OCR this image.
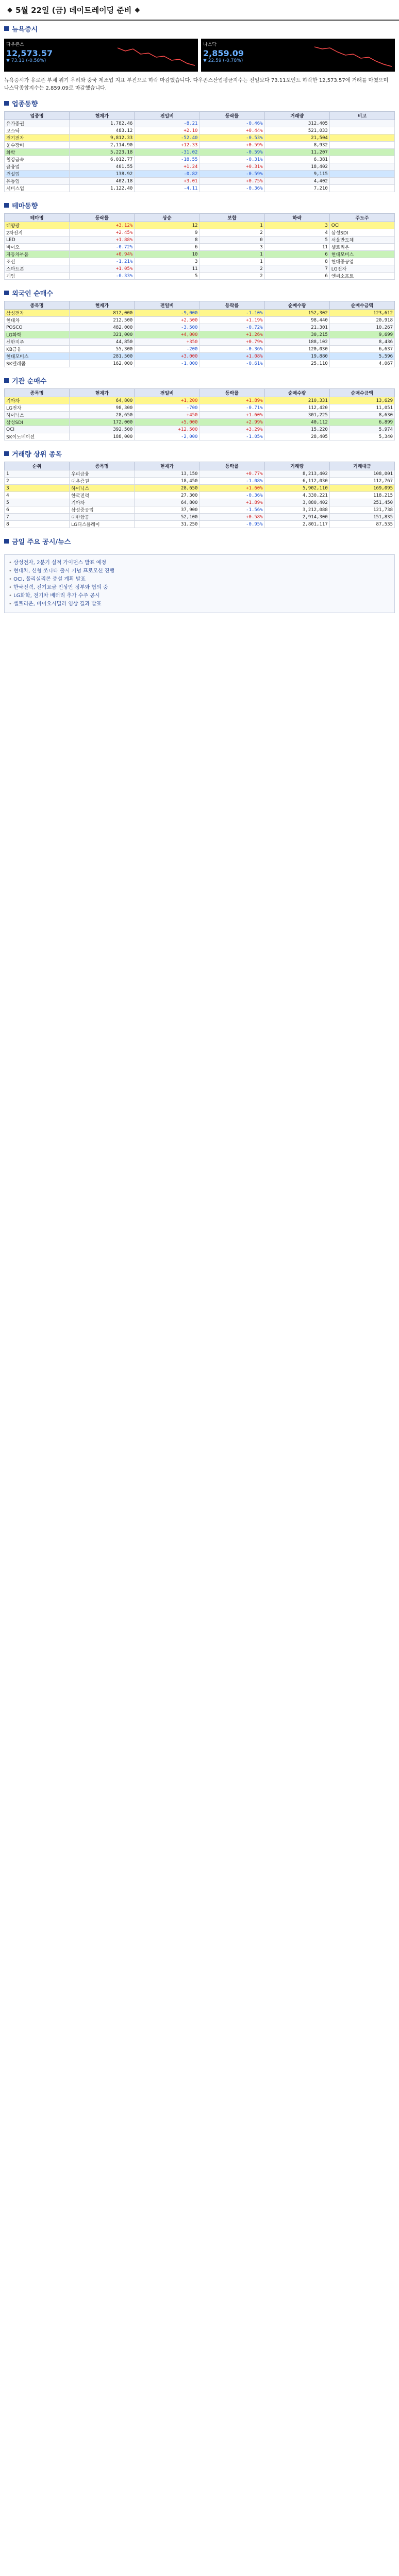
◆ 5월 22일 (금) 데이트레이딩 준비 ◆
뉴욕증시
다우존스
12,573.57
▼ 73.11 (-0.58%)
나스닥
2,859.09
▼ 22.59 (-0.78%)
뉴욕증시가 유로존 부채 위기 우려와 중국 제조업 지표 부진으로 하락 마감했습니다. 다우존스산업평균지수는 전일보다 73.11포인트 하락한 12,573.57에 거래를 마쳤으며 나스닥종합지수는 2,859.09로 마감했습니다.
업종동향
업종명	현재가	전일비	등락률	거래량	비고
유가증권	1,782.46	-8.21	-0.46%	312,405	
코스닥	483.12	+2.10	+0.44%	521,033	
전기전자	9,812.33	-52.40	-0.53%	21,504	
운수장비	2,114.90	+12.33	+0.59%	8,932	
화학	5,223.18	-31.02	-0.59%	11,207	
철강금속	6,012.77	-18.55	-0.31%	6,381	
금융업	401.55	+1.24	+0.31%	18,402	
건설업	138.92	-0.82	-0.59%	9,115	
유통업	402.18	+3.01	+0.75%	4,402	
서비스업	1,122.40	-4.11	-0.36%	7,210	
테마동향
테마명	등락률	상승	보합	하락	주도주
태양광	+3.12%	12	1	3	OCI
2차전지	+2.45%	9	2	4	삼성SDI
LED	+1.88%	8	0	5	서울반도체
바이오	-0.72%	6	3	11	셀트리온
자동차부품	+0.94%	10	1	6	현대모비스
조선	-1.21%	3	1	8	현대중공업
스마트폰	+1.05%	11	2	7	LG전자
게임	-0.33%	5	2	6	엔씨소프트
외국인 순매수
종목명	현재가	전일비	등락률	순매수량	순매수금액
삼성전자	812,000	-9,000	-1.10%	152,302	123,612
현대차	212,500	+2,500	+1.19%	98,440	20,918
POSCO	482,000	-3,500	-0.72%	21,301	10,267
LG화학	321,000	+4,000	+1.26%	30,215	9,699
신한지주	44,850	+350	+0.79%	188,102	8,436
KB금융	55,300	-200	-0.36%	120,030	6,637
현대모비스	281,500	+3,000	+1.08%	19,880	5,596
SK텔레콤	162,000	-1,000	-0.61%	25,110	4,067
기관 순매수
종목명	현재가	전일비	등락률	순매수량	순매수금액
기아차	64,800	+1,200	+1.89%	210,331	13,629
LG전자	98,300	-700	-0.71%	112,420	11,051
하이닉스	28,650	+450	+1.60%	301,225	8,630
삼성SDI	172,000	+5,000	+2.99%	40,112	6,899
OCI	392,500	+12,500	+3.29%	15,220	5,974
SK이노베이션	188,000	-2,000	-1.05%	28,405	5,340
거래량 상위 종목
순위	종목명	현재가	등락률	거래량	거래대금
1	우리금융	13,150	+0.77%	8,213,402	108,001
2	대우증권	18,450	-1.08%	6,112,030	112,767
3	하이닉스	28,650	+1.60%	5,902,110	169,095
4	한국전력	27,300	-0.36%	4,330,221	118,215
5	기아차	64,800	+1.89%	3,880,402	251,450
6	삼성중공업	37,900	-1.56%	3,212,088	121,738
7	대한항공	52,100	+0.58%	2,914,300	151,835
8	LG디스플레이	31,250	-0.95%	2,801,117	87,535
금일 주요 공시/뉴스
• 삼성전자, 2분기 실적 가이던스 발표 예정
• 현대차, 신형 쏘나타 출시 기념 프로모션 진행
• OCI, 폴리실리콘 증설 계획 발표
• 한국전력, 전기요금 인상안 정부와 협의 중
• LG화학, 전기차 배터리 추가 수주 공시
• 셀트리온, 바이오시밀러 임상 결과 발표
